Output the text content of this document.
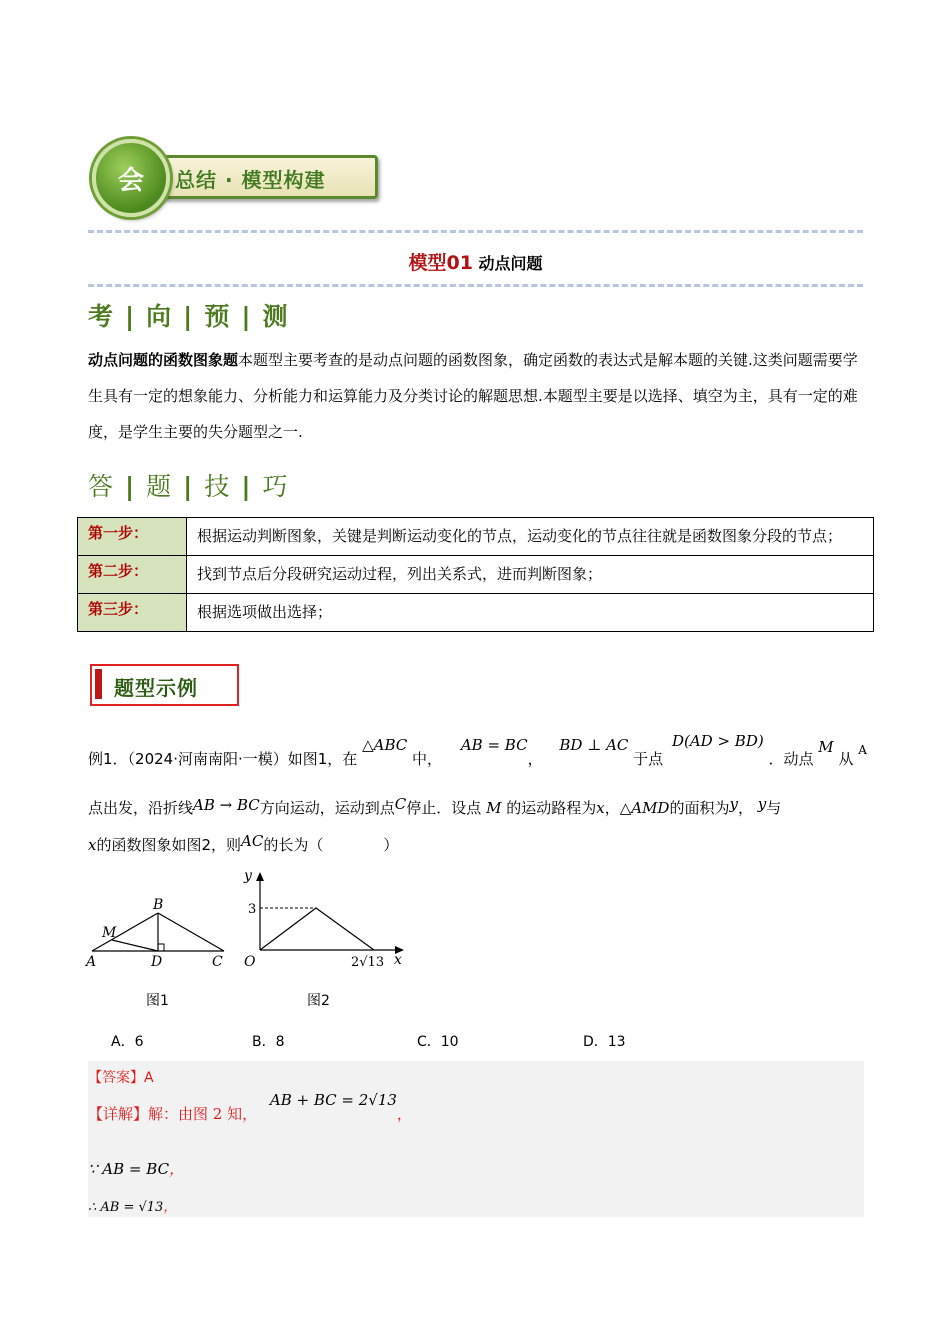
总结 · 模型构建
会
模型01 动点问题
考 | 向 | 预 | 测
动点问题的函数图象题本题型主要考查的是动点问题的函数图象，确定函数的表达式是解本题的关键.这类问题需要学生具有一定的想象能力、分析能力和运算能力及分类讨论的解题思想.本题型主要是以选择、填空为主，具有一定的难度，是学生主要的失分题型之一.
答 | 题 | 技 | 巧
第一步：	根据运动判断图象，关键是判断运动变化的节点，运动变化的节点往往就是函数图象分段的节点；
第二步：	找到节点后分段研究运动过程，列出关系式，进而判断图象；
第三步：	根据选项做出选择；
题型示例
例1．（2024·河南南阳·一模）如图1，在 △ABC 中， AB = BC， BD ⊥ AC 于点 D(AD > BD) ．动点 M 从 $^A$
点出发，沿折线AB → BC方向运动，运动到点C停止．设点 M 的运动路程为x，△AMD的面积为y， y与
x的函数图象如图2，则AC的长为（　　　　）
A
B
C
D
M
图1
y
3
O	2√13 x
图2
A．6	B．8	C．10	D．13
【答案】A
【详解】解：由图 2 知， AB + BC = 2√13，
∵ AB = BC，
∴ AB = √13，
